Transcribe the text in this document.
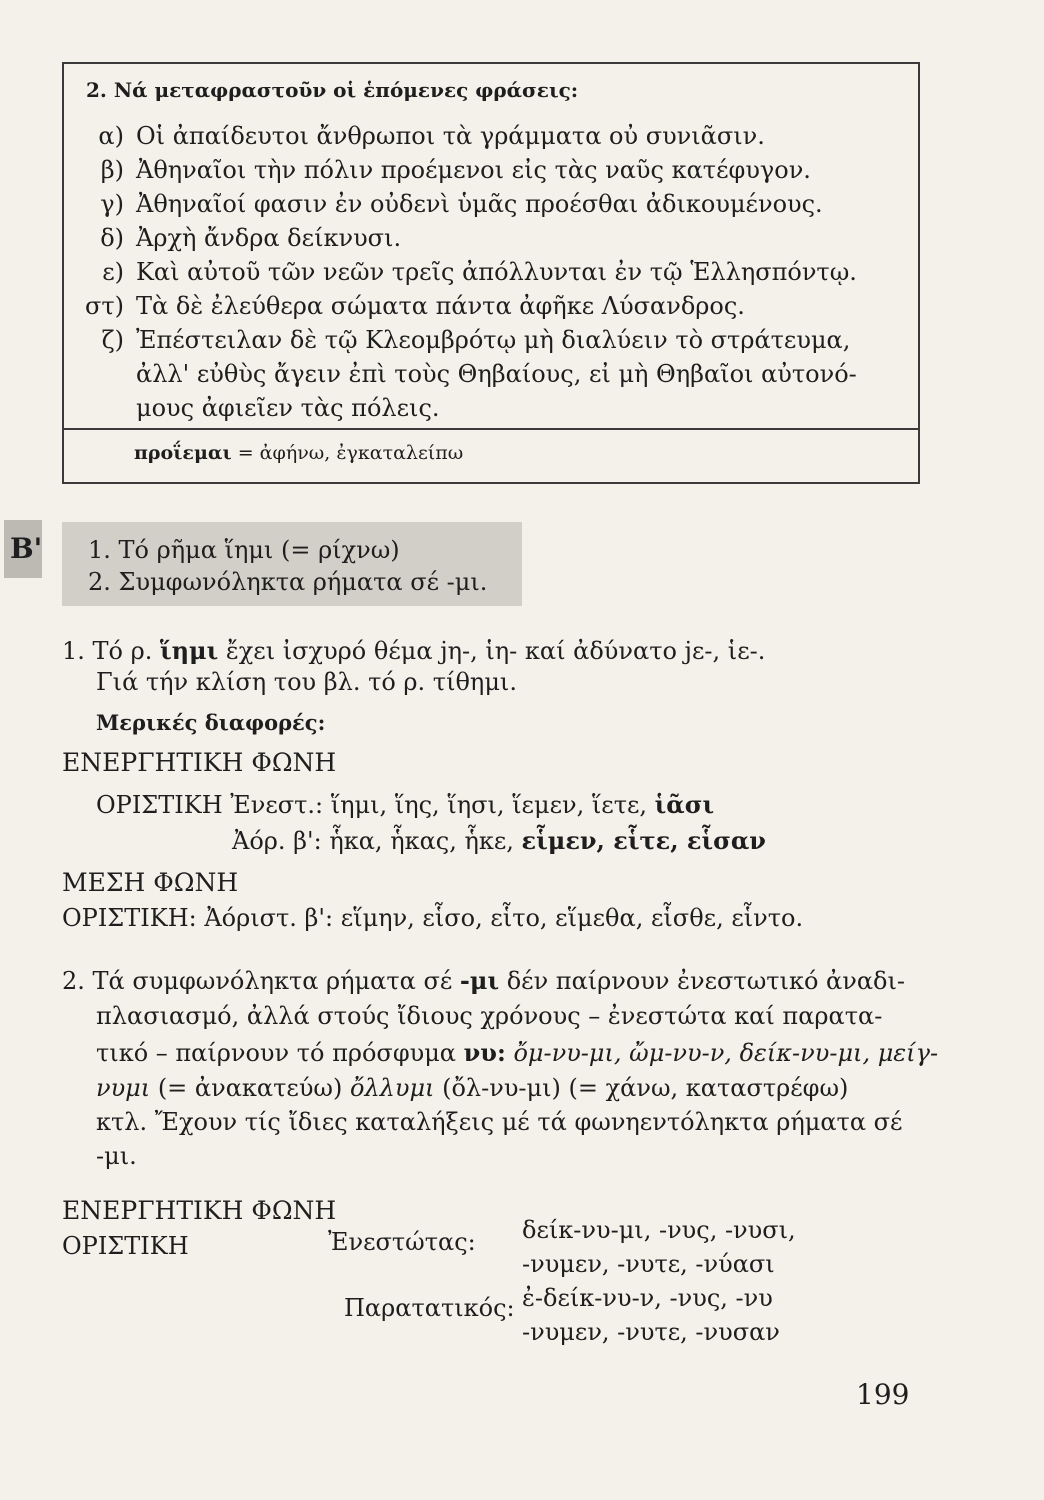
2. Νά μεταφραστοῦν οἱ ἑπόμενες φράσεις:
α) Οἱ ἀπαίδευτοι ἄνθρωποι τὰ γράμματα οὐ συνιᾶσιν.
β) Ἀθηναῖοι τὴν πόλιν προέμενοι εἰς τὰς ναῦς κατέφυγον.
γ) Ἀθηναῖοί φασιν ἐν οὐδενὶ ὑμᾶς προέσθαι ἀδικουμένους.
δ) Ἀρχὴ ἄνδρα δείκνυσι.
ε) Καὶ αὐτοῦ τῶν νεῶν τρεῖς ἀπόλλυνται ἐν τῷ Ἑλλησπόντῳ.
στ) Τὰ δὲ ἐλεύθερα σώματα πάντα ἀφῆκε Λύσανδρος.
ζ) Ἐπέστειλαν δὲ τῷ Κλεομβρότῳ μὴ διαλύειν τὸ στράτευμα,
ἀλλ' εὐθὺς ἄγειν ἐπὶ τοὺς Θηβαίους, εἰ μὴ Θηβαῖοι αὐτονό-
μους ἀφιεῖεν τὰς πόλεις.
προΐεμαι = ἀφήνω, ἐγκαταλείπω
B' 1. Τό ρῆμα ἵημι (= ρίχνω)
2. Συμφωνόληκτα ρήματα σέ -μι.
1. Τό ρ. ἵημι ἔχει ἰσχυρό θέμα jη-, ἱη- καί ἀδύνατο jε-, ἱε-.
Γιά τήν κλίση του βλ. τό ρ. τίθημι.
Μερικές διαφορές:
ΕΝΕΡΓΗΤΙΚΗ ΦΩΝΗ
ΟΡΙΣΤΙΚΗ Ἐνεστ.: ἵημι, ἵης, ἵησι, ἵεμεν, ἵετε, ἱᾶσι
Ἀόρ. β': ἧκα, ἧκας, ἧκε, εἷμεν, εἷτε, εἷσαν
ΜΕΣΗ ΦΩΝΗ
ΟΡΙΣΤΙΚΗ: Ἀόριστ. β': εἵμην, εἷσο, εἷτο, εἵμεθα, εἷσθε, εἷντο.
2. Τά συμφωνόληκτα ρήματα σέ -μι δέν παίρνουν ἐνεστωτικό ἀναδι-
πλασιασμό, ἀλλά στούς ἴδιους χρόνους – ἐνεστώτα καί παρατα-
τικό – παίρνουν τό πρόσφυμα νυ: ὄμ-νυ-μι, ὤμ-νυ-ν, δείκ-νυ-μι, μείγ-
νυμι (= ἀνακατεύω) ὄλλυμι (ὄλ-νυ-μι) (= χάνω, καταστρέφω)
κτλ. Ἔχουν τίς ἴδιες καταλήξεις μέ τά φωνηεντόληκτα ρήματα σέ
-μι.
ΕΝΕΡΓΗΤΙΚΗ ΦΩΝΗ
ΟΡΙΣΤΙΚΗ	Ἐνεστώτας: δείκ-νυ-μι, -νυς, -νυσι,
-νυμεν, -νυτε, -νύασι
Παρατατικός: ἐ-δείκ-νυ-ν, -νυς, -νυ
-νυμεν, -νυτε, -νυσαν
199
